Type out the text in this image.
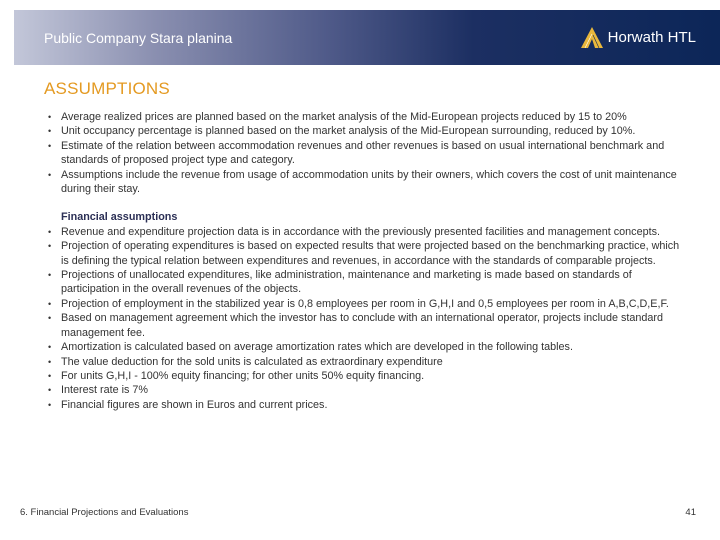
Public Company Stara planina	Horwath HTL
ASSUMPTIONS
• Average realized prices are planned based on the market analysis of the Mid-European projects reduced by 15 to 20%
• Unit occupancy percentage is planned based on the market analysis of the Mid-European surrounding, reduced by 10%.
• Estimate of the relation between accommodation revenues and other revenues is based on usual international benchmark and standards of proposed project type and category.
• Assumptions include the revenue from usage of accommodation units by their owners, which covers the cost of unit maintenance during their stay.
Financial assumptions
• Revenue and expenditure projection data is in accordance with the previously presented facilities and management concepts.
• Projection of operating expenditures is based on expected results that were projected based on the benchmarking practice, which is defining the typical relation between expenditures and revenues, in accordance with the standards of comparable projects.
• Projections of unallocated expenditures, like administration, maintenance and marketing is made based on standards of participation in the overall revenues of the objects.
• Projection of employment in the stabilized year is 0,8 employees per room in G,H,I and 0,5 employees per room in A,B,C,D,E,F.
• Based on management agreement which the investor has to conclude with an international operator, projects include standard management fee.
• Amortization is calculated based on average amortization rates which are developed in the following tables.
• The value deduction for the sold units is calculated as extraordinary expenditure
• For units G,H,I - 100% equity financing; for other units 50% equity financing.
• Interest rate is 7%
• Financial figures are shown in Euros and current prices.
6. Financial Projections and Evaluations	41
